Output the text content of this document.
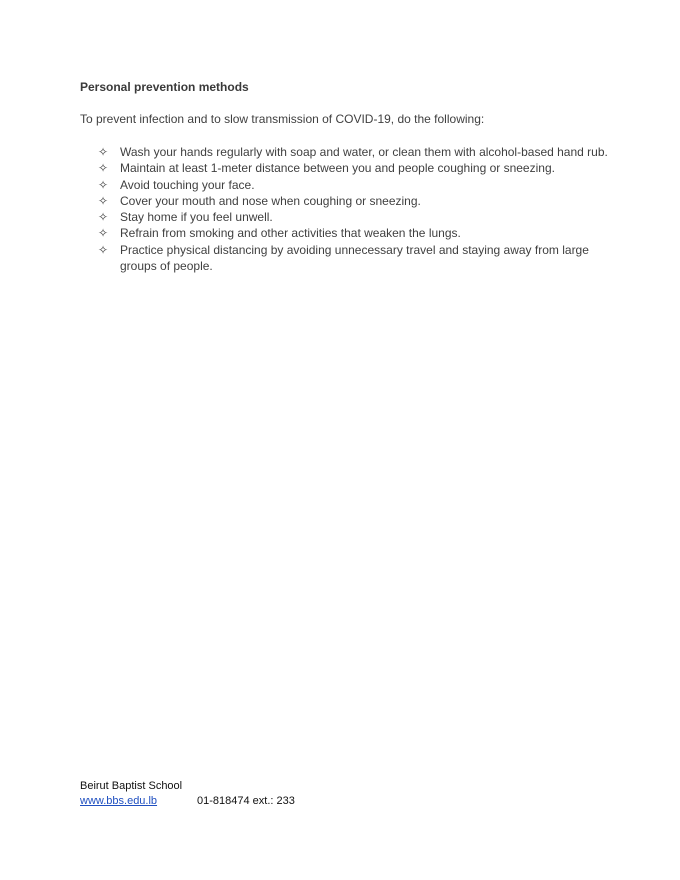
Personal prevention methods
To prevent infection and to slow transmission of COVID-19, do the following:
✧ Wash your hands regularly with soap and water, or clean them with alcohol-based hand rub.
✧ Maintain at least 1-meter distance between you and people coughing or sneezing.
✧ Avoid touching your face.
✧ Cover your mouth and nose when coughing or sneezing.
✧ Stay home if you feel unwell.
✧ Refrain from smoking and other activities that weaken the lungs.
✧ Practice physical distancing by avoiding unnecessary travel and staying away from large groups of people.
Beirut Baptist School
www.bbs.edu.lb	01-818474 ext.: 233
